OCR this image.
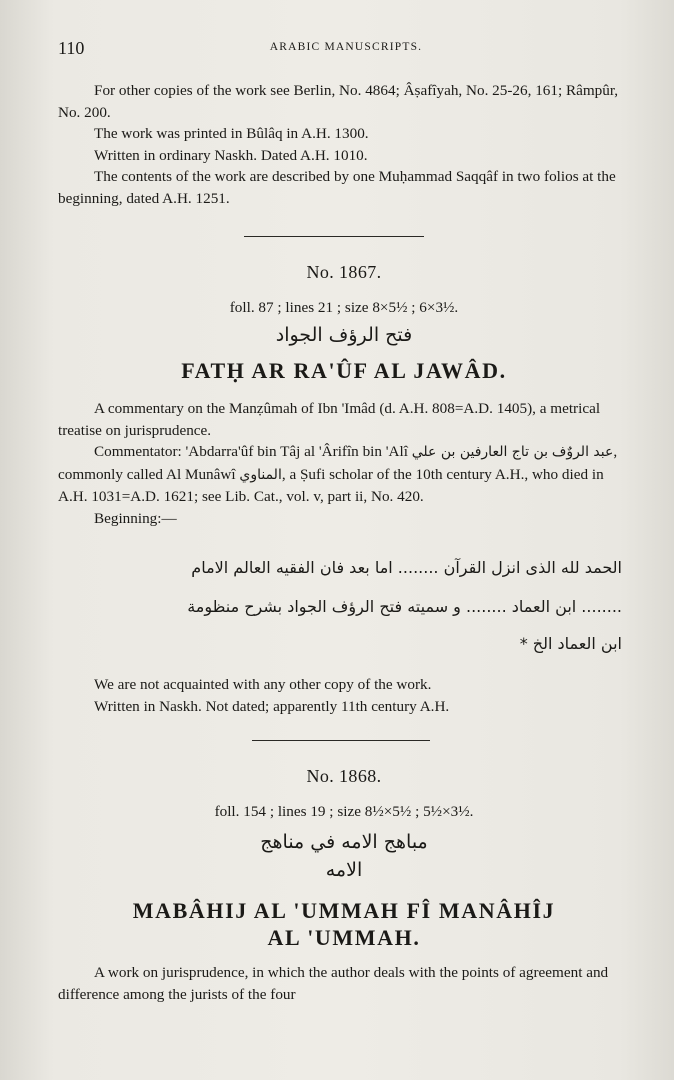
110	ARABIC MANUSCRIPTS.

For other copies of the work see Berlin, No. 4864; Âṣafîyah, No. 25-26, 161; Râmpûr, No. 200.

The work was printed in Bûlâq in A.H. 1300.

Written in ordinary Naskh. Dated A.H. 1010.

The contents of the work are described by one Muḥammad Saqqâf in two folios at the beginning, dated A.H. 1251.

No. 1867.
foll. 87 ; lines 21 ; size 8×5½ ; 6×3½.
فتح الرؤف الجواد
FATḤ AR RA'ÛF AL JAWÂD.

A commentary on the Manẓûmah of Ibn 'Imâd (d. A.H. 808=A.D. 1405), a metrical treatise on jurisprudence.

Commentator: 'Abdarra'ûf bin Tâj al 'Ârifîn bin 'Alî	عبد الروٌف بن تاج العارفين بن علي	, commonly called Al Munâwî المناوي, a Ṣufi scholar of the 10th century A.H., who died in A.H. 1031=A.D. 1621; see Lib. Cat., vol. v, part ii, No. 420.

Beginning:—

الحمد لله الذى انزل القرآن ........ اما بعد فان الفقيه العالم الامام
........ ابن العماد ........ و سميته فتح الرؤف الجواد بشرح منظومة
ابن العماد الخ *

We are not acquainted with any other copy of the work.

Written in Naskh. Not dated; apparently 11th century A.H.

No. 1868.
foll. 154 ; lines 19 ; size 8½×5½ ; 5½×3½.
مباهج الامه في مناهج
الامه
MABÂHIJ AL 'UMMAH FÎ MANÂHÎJ
AL 'UMMAH.

A work on jurisprudence, in which the author deals with the points of agreement and difference among the jurists of the four
